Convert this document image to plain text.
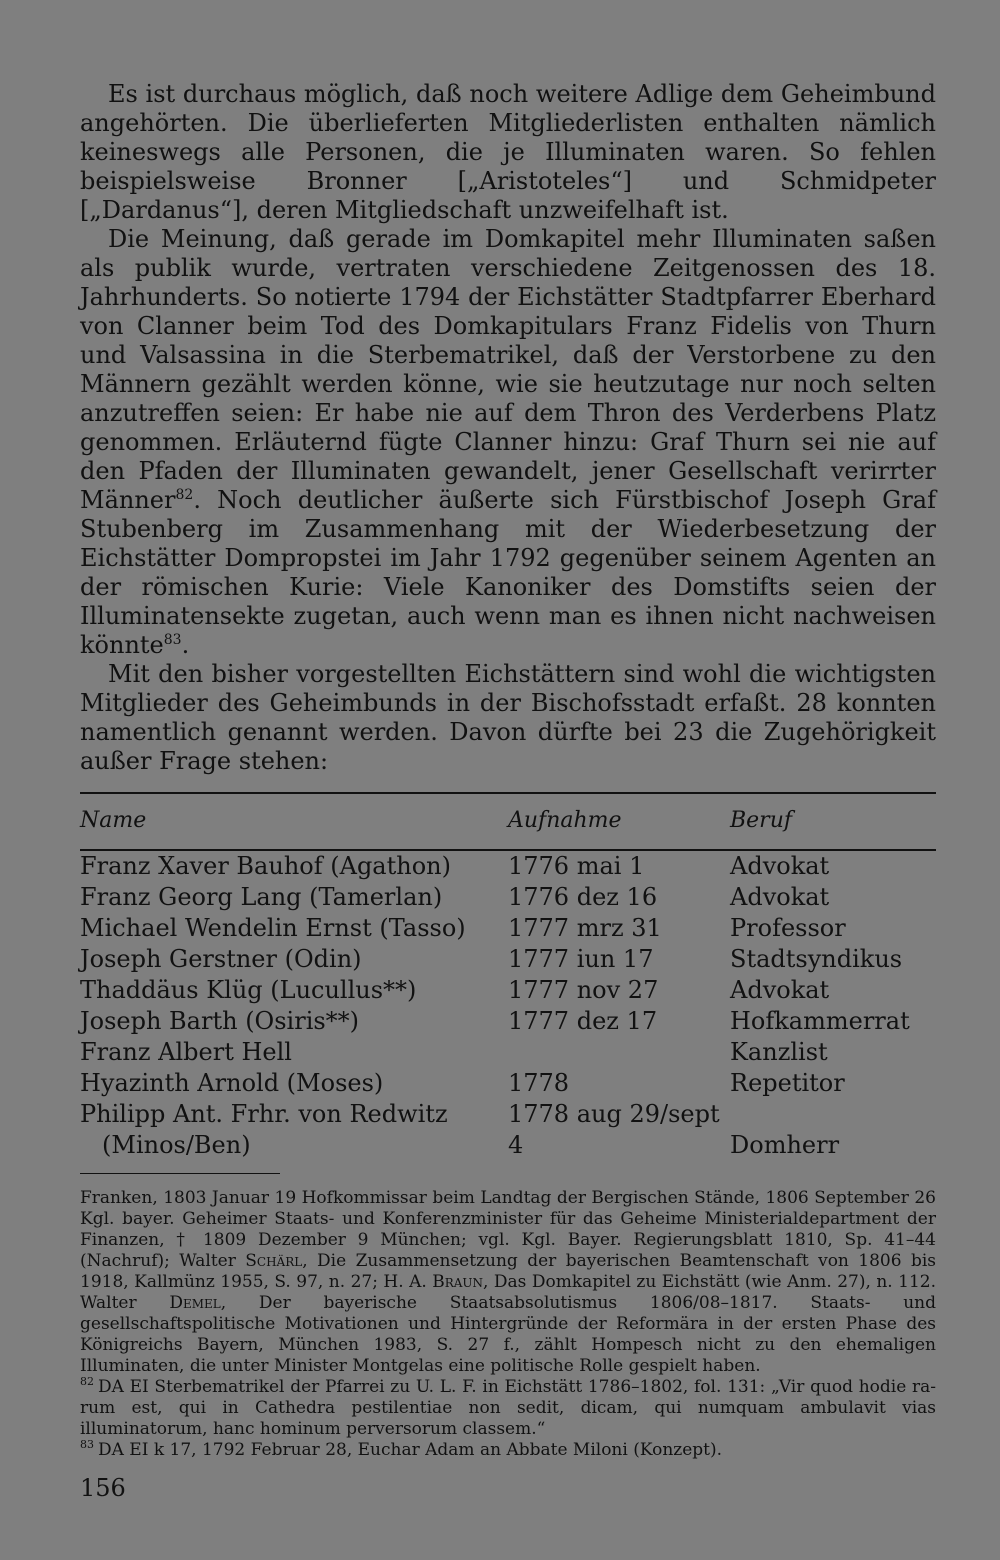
Es ist durchaus möglich, daß noch weitere Adlige dem Geheimbund angehörten. Die überlieferten Mitgliederlisten enthalten nämlich keineswegs alle Personen, die je Illuminaten waren. So fehlen beispielsweise Bronner [„Aristoteles“] und Schmidpeter [„Dardanus“], deren Mitgliedschaft unzweifelhaft ist.

Die Meinung, daß gerade im Domkapitel mehr Illuminaten saßen als publik wurde, vertraten verschiedene Zeitgenossen des 18. Jahrhunderts. So notierte 1794 der Eichstätter Stadtpfarrer Eberhard von Clanner beim Tod des Domkapitulars Franz Fidelis von Thurn und Valsassina in die Sterbematrikel, daß der Verstorbene zu den Männern gezählt werden könne, wie sie heutzutage nur noch selten anzutreffen seien: Er habe nie auf dem Thron des Verderbens Platz genommen. Erläuternd fügte Clanner hinzu: Graf Thurn sei nie auf den Pfaden der Illuminaten gewandelt, jener Gesellschaft verirrter Männer$^{82}$. Noch deutlicher äußerte sich Fürstbischof Joseph Graf Stubenberg im Zusammenhang mit der Wiederbesetzung der Eichstätter Dompropstei im Jahr 1792 gegenüber seinem Agenten an der römischen Kurie: Viele Kanoniker des Domstifts seien der Illuminatensekte zugetan, auch wenn man es ihnen nicht nachweisen könnte$^{83}$.

Mit den bisher vorgestellten Eichstättern sind wohl die wichtigsten Mitglieder des Geheimbunds in der Bischofsstadt erfaßt. 28 konnten namentlich genannt werden. Davon dürfte bei 23 die Zugehörigkeit außer Frage stehen:

Name	Aufnahme	Beruf

Franz Xaver Bauhof (Agathon)	1776 mai 1	Advokat
Franz Georg Lang (Tamerlan)	1776 dez 16	Advokat
Michael Wendelin Ernst (Tasso)	1777 mrz 31	Professor
Joseph Gerstner (Odin)	1777 iun 17	Stadtsyndikus
Thaddäus Klüg (Lucullus**)	1777 nov 27	Advokat
Joseph Barth (Osiris**)	1777 dez 17	Hofkammerrat
Franz Albert Hell		Kanzlist
Hyazinth Arnold (Moses)	1778	Repetitor
Philipp Ant. Frhr. von Redwitz
(Minos/Ben)	1778 aug 29/sept 4	Domherr

Franken, 1803 Januar 19 Hofkommissar beim Landtag der Bergischen Stände, 1806 September 26 Kgl. bayer. Geheimer Staats- und Konferenzminister für das Geheime Ministerialdepartment der Finanzen, † 1809 Dezember 9 München; vgl. Kgl. Bayer. Regierungsblatt 1810, Sp. 41–44 (Nachruf); Walter Schärl, Die Zusammensetzung der bayerischen Beamtenschaft von 1806 bis 1918, Kallmünz 1955, S. 97, n. 27; H. A. Braun, Das Domkapitel zu Eichstätt (wie Anm. 27), n. 112. Walter Demel, Der bayerische Staatsabsolutismus 1806/08–1817. Staats- und gesellschaftspolitische Motivationen und Hintergründe der Reformära in der ersten Phase des Königreichs Bayern, München 1983, S. 27 f., zählt Hompesch nicht zu den ehemaligen Illuminaten, die unter Minister Montgelas eine politische Rolle gespielt haben.

$^{82}$ DA EI Sterbematrikel der Pfarrei zu U. L. F. in Eichstätt 1786–1802, fol. 131: „Vir quod hodie rarum est, qui in Cathedra pestilentiae non sedit, dicam, qui numquam ambulavit vias illuminatorum, hanc hominum perversorum classem.“

$^{83}$ DA EI k 17, 1792 Februar 28, Euchar Adam an Abbate Miloni (Konzept).

156
